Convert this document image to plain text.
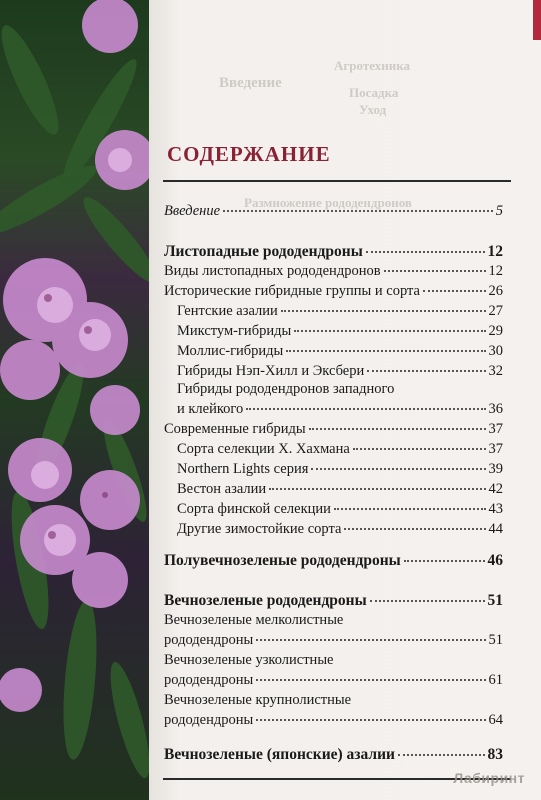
Агротехника
Введение
Посадка
Уход
Размножение рододендронов
СОДЕРЖАНИЕ
Введение	5
Листопадные рододендроны	12
Виды листопадных рододендронов	12
Исторические гибридные группы и сорта	26
Гентские азалии	27
Микстум-гибриды	29
Моллис-гибриды	30
Гибриды Нэп-Хилл и Эксбери	32
Гибриды рододендронов западного
и клейкого	36
Современные гибриды	37
Сорта селекции Х. Хахмана	37
Northern Lights серия	39
Вестон азалии	42
Сорта финской селекции	43
Другие зимостойкие сорта	44
Полувечнозеленые рододендроны	46
Вечнозеленые рододендроны	51
Вечнозеленые мелколистные
рододендроны	51
Вечнозеленые узколистные
рододендроны	61
Вечнозеленые крупнолистные
рододендроны	64
Вечнозеленые (японские) азалии	83
Лабиринт
